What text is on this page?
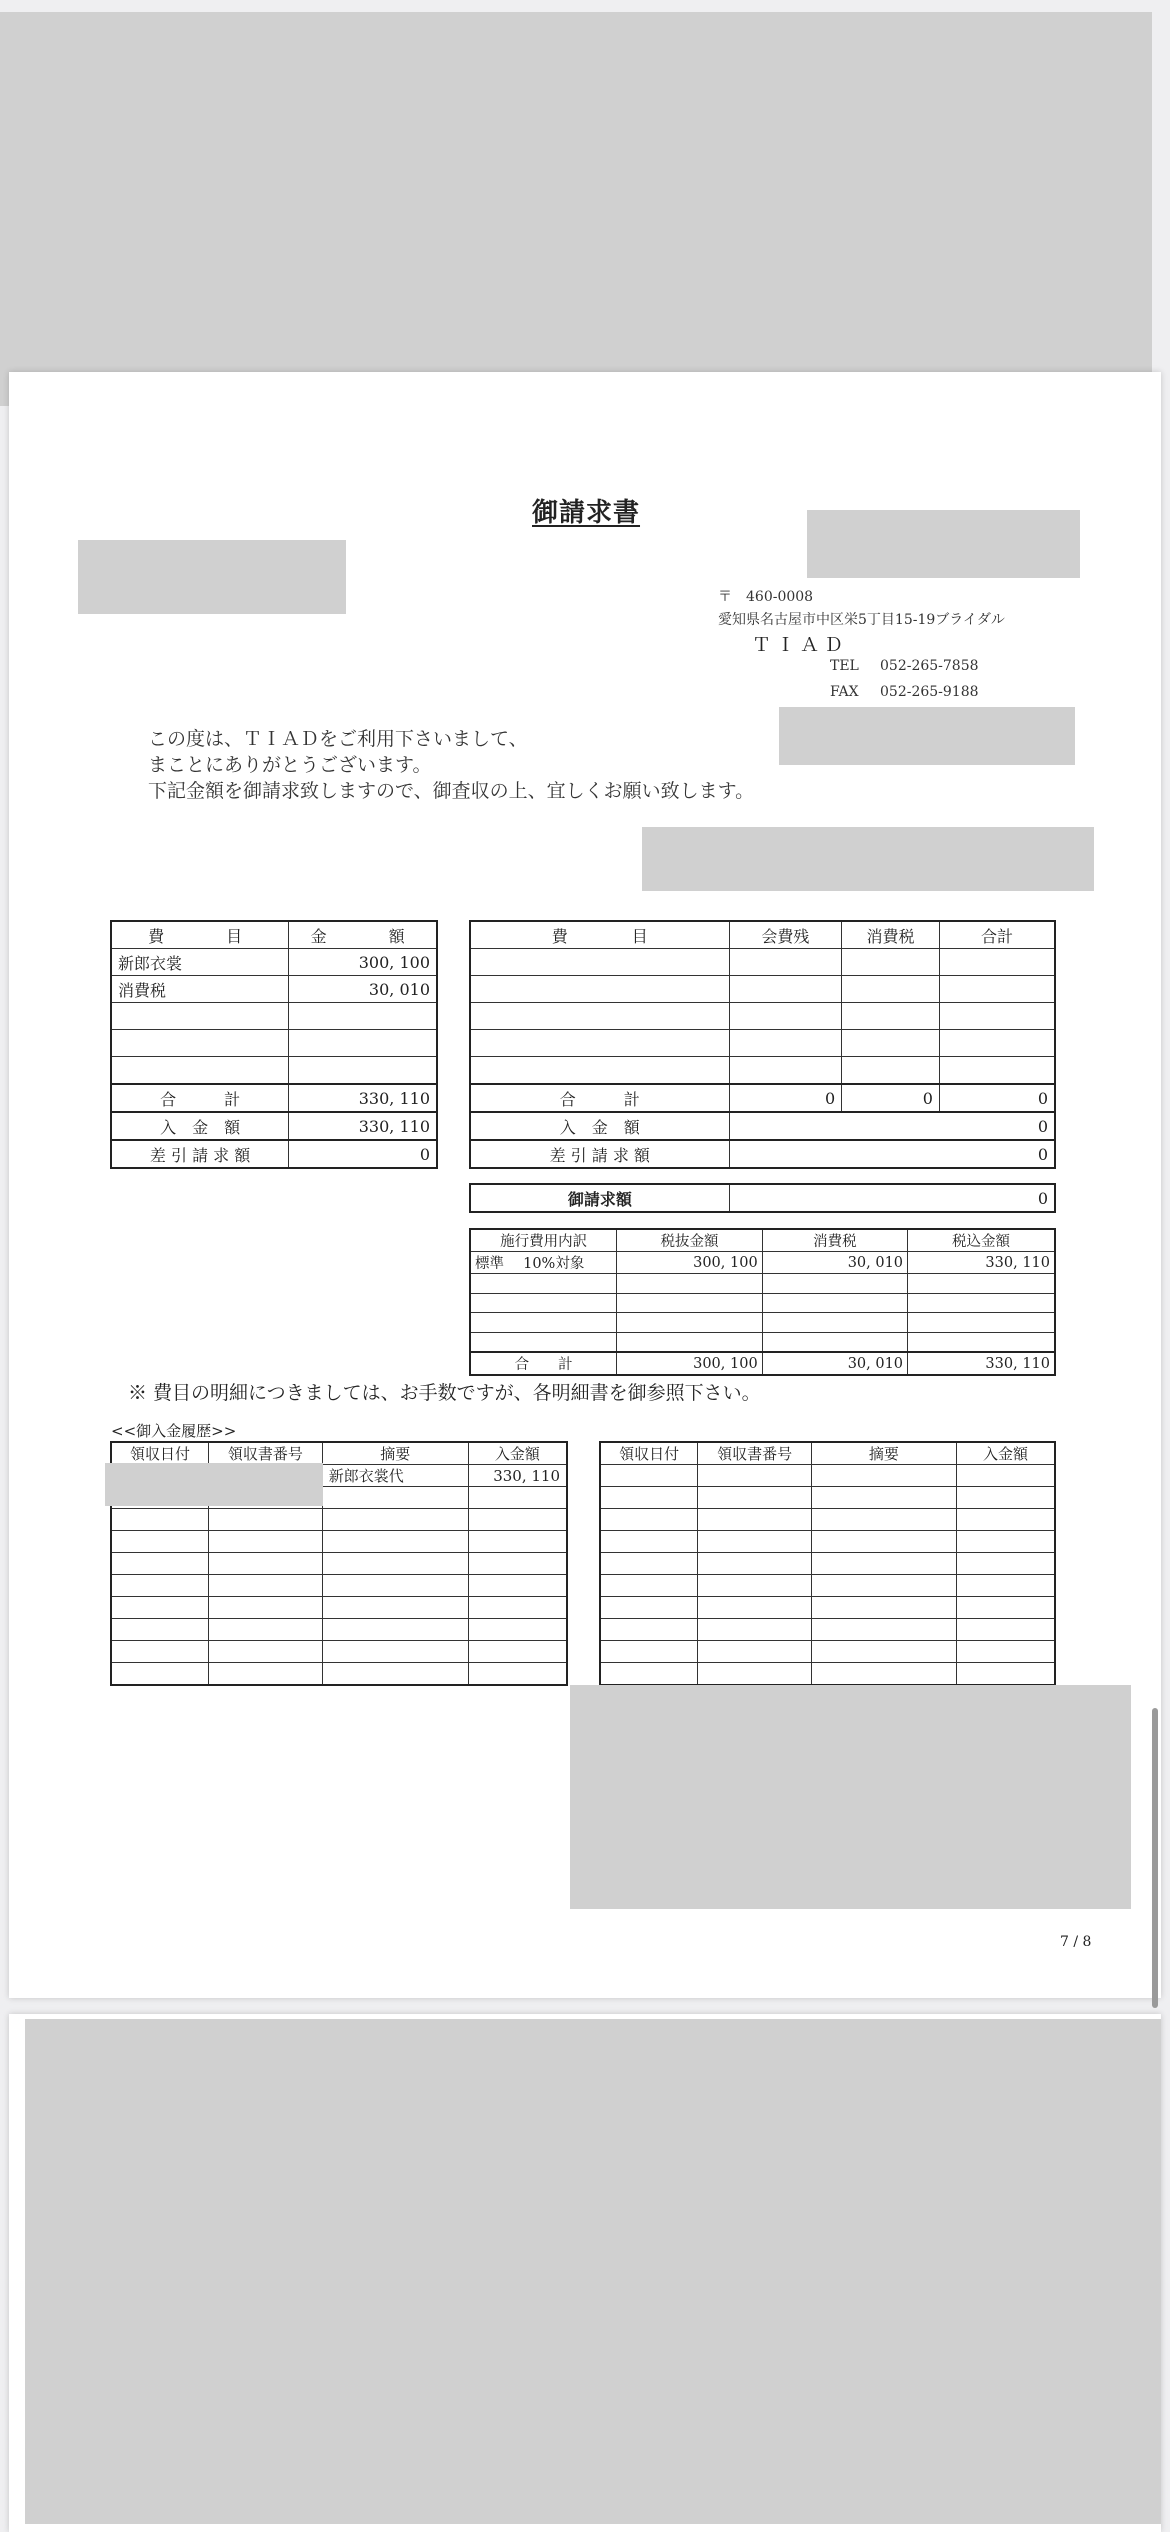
御請求書
〒　460-0008
愛知県名古屋市中区栄5丁目15-19ブライダル
ＴＩＡＤ
TEL 052-265-7858
FAX 052-265-9188
この度は、ＴＩＡＤをご利用下さいまして、
まことにありがとうございます。
下記金額を御請求致しますので、御査収の上、宜しくお願い致します。
費　　目	金　　額
新郎衣裳	300, 100
消費税	30, 010

合　　　計	330, 110
入　金　額	330, 110
差 引 請 求 額	0
費　　　　目	会費残	消費税	合計

合　　　計	0	0	0
入　金　額	0		
差 引 請 求 額	0		
御請求額	0
施行費用内訳	税抜金額	消費税	税込金額
標準　 10%対象	300, 100	30, 010	330, 110

合　　計	300, 100	30, 010	330, 110
※ 費目の明細につきましては、お手数ですが、各明細書を御参照下さい。
<<御入金履歴>>
領収日付	領収書番号	摘要	入金額
		新郎衣裳代	330, 110

領収日付	領収書番号	摘要	入金額

7 / 8
